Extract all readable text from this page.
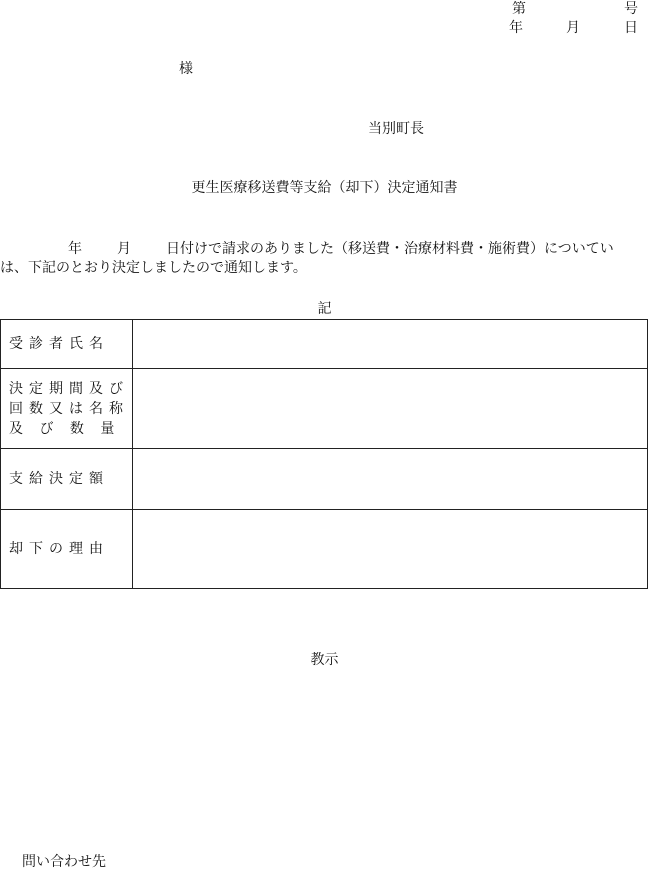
第	号
年	月	日
様
当別町長
更生医療移送費等支給（却下）決定通知書
年	月	日付けで請求のありました（移送費・治療材料費・施術費）についてい
は、下記のとおり決定しましたので通知します。
記
受診者氏名	

決定期間及び
回数又は名称
及 び 数 量	

支給決定額	

却下の理由	

教示
問い合わせ先
